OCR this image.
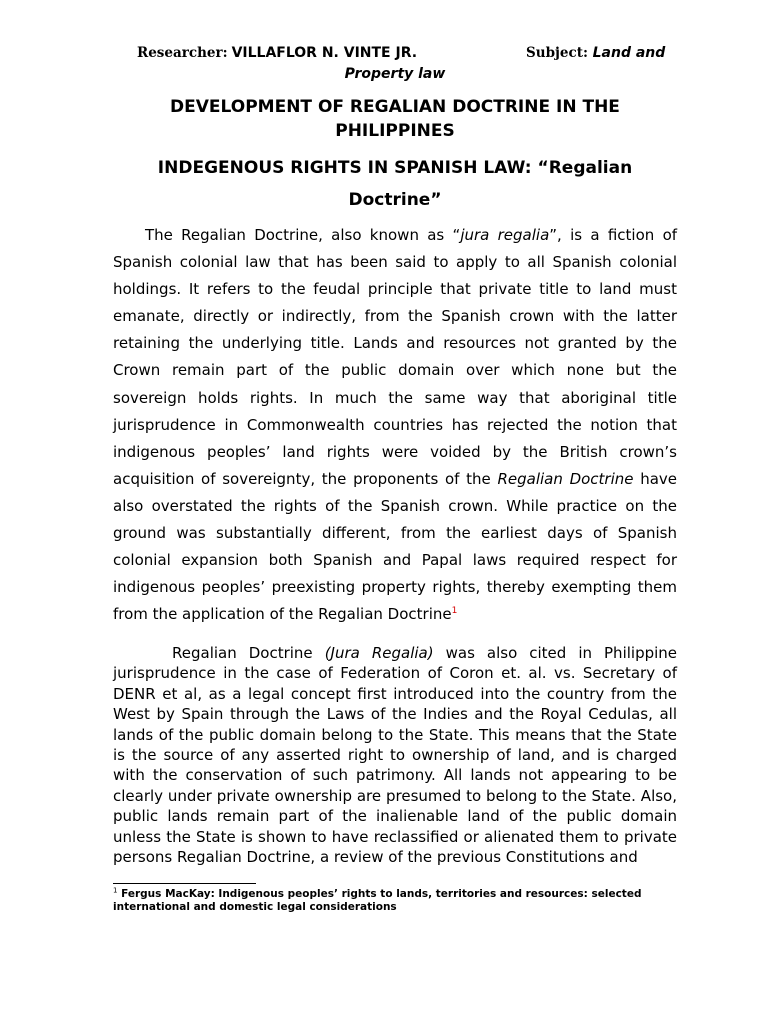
Researcher: VILLAFLOR N. VINTE JR.	Subject: Land and
Property law
DEVELOPMENT OF REGALIAN DOCTRINE IN THE PHILIPPINES
INDEGENOUS RIGHTS IN SPANISH LAW: “Regalian Doctrine”

The Regalian Doctrine, also known as “jura regalia”, is a fiction of Spanish colonial law that has been said to apply to all Spanish colonial holdings. It refers to the feudal principle that private title to land must emanate, directly or indirectly, from the Spanish crown with the latter retaining the underlying title. Lands and resources not granted by the Crown remain part of the public domain over which none but the sovereign holds rights. In much the same way that aboriginal title jurisprudence in Commonwealth countries has rejected the notion that indigenous peoples’ land rights were voided by the British crown’s acquisition of sovereignty, the proponents of the Regalian Doctrine have also overstated the rights of the Spanish crown. While practice on the ground was substantially different, from the earliest days of Spanish colonial expansion both Spanish and Papal laws required respect for indigenous peoples’ preexisting property rights, thereby exempting them from the application of the Regalian Doctrine$^1$

Regalian Doctrine (Jura Regalia) was also cited in Philippine jurisprudence in the case of Federation of Coron et. al. vs. Secretary of DENR et al, as a legal concept first introduced into the country from the West by Spain through the Laws of the Indies and the Royal Cedulas, all lands of the public domain belong to the State. This means that the State is the source of any asserted right to ownership of land, and is charged with the conservation of such patrimony. All lands not appearing to be clearly under private ownership are presumed to belong to the State. Also, public lands remain part of the inalienable land of the public domain unless the State is shown to have reclassified or alienated them to private persons Regalian Doctrine, a review of the previous Constitutions and

$^1$ Fergus MacKay: Indigenous peoples’ rights to lands, territories and resources: selected international and domestic legal considerations
